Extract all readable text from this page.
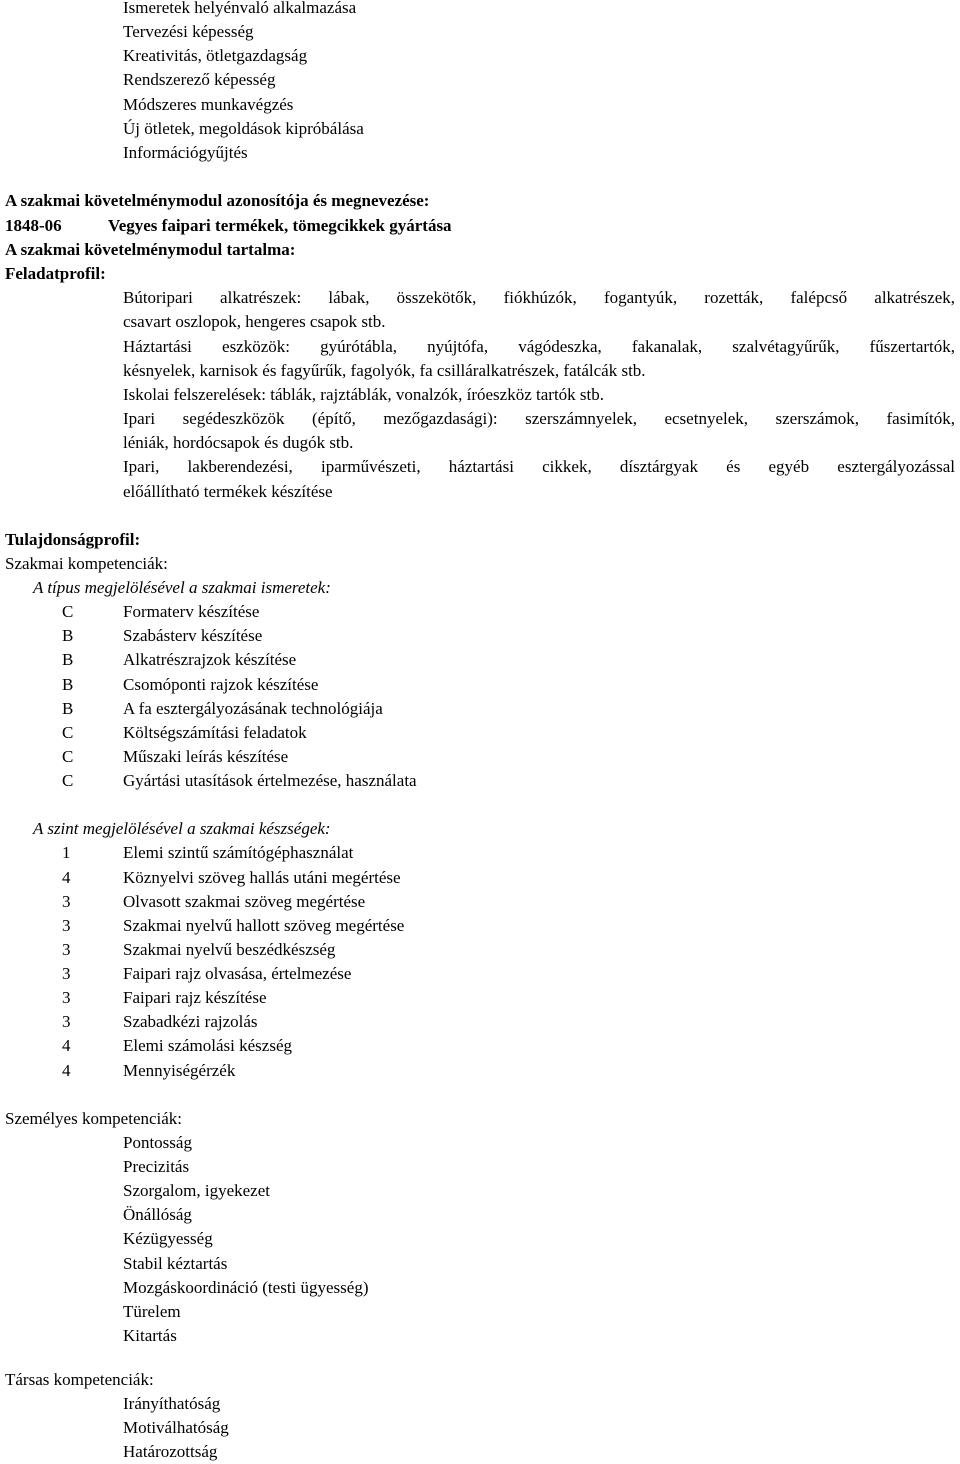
Ismeretek helyénvaló alkalmazása
Tervezési képesség
Kreativitás, ötletgazdagság
Rendszerező képesség
Módszeres munkavégzés
Új ötletek, megoldások kipróbálása
Információgyűjtés
A szakmai követelménymodul azonosítója és megnevezése:
1848-06	Vegyes faipari termékek, tömegcikkek gyártása
A szakmai követelménymodul tartalma:
Feladatprofil:
Bútoripari alkatrészek: lábak, összekötők, fiókhúzók, fogantyúk, rozetták, falépcső alkatrészek,
csavart oszlopok, hengeres csapok stb.
Háztartási eszközök: gyúrótábla, nyújtófa, vágódeszka, fakanalak, szalvétagyűrűk, fűszertartók,
késnyelek, karnisok és fagyűrűk, fagolyók, fa csilláralkatrészek, fatálcák stb.
Iskolai felszerelések: táblák, rajztáblák, vonalzók, íróeszköz tartók stb.
Ipari segédeszközök (építő, mezőgazdasági): szerszámnyelek, ecsetnyelek, szerszámok, fasimítók,
léniák, hordócsapok és dugók stb.
Ipari, lakberendezési, iparművészeti, háztartási cikkek, dísztárgyak és egyéb esztergályozással
előállítható termékek készítése
Tulajdonságprofil:
Szakmai kompetenciák:
A típus megjelölésével a szakmai ismeretek:
C	Formaterv készítése
B	Szabásterv készítése
B	Alkatrészrajzok készítése
B	Csomóponti rajzok készítése
B	A fa esztergályozásának technológiája
C	Költségszámítási feladatok
C	Műszaki leírás készítése
C	Gyártási utasítások értelmezése, használata
A szint megjelölésével a szakmai készségek:
1	Elemi szintű számítógéphasználat
4	Köznyelvi szöveg hallás utáni megértése
3	Olvasott szakmai szöveg megértése
3	Szakmai nyelvű hallott szöveg megértése
3	Szakmai nyelvű beszédkészség
3	Faipari rajz olvasása, értelmezése
3	Faipari rajz készítése
3	Szabadkézi rajzolás
4	Elemi számolási készség
4	Mennyiségérzék
Személyes kompetenciák:
Pontosság
Precizitás
Szorgalom, igyekezet
Önállóság
Kézügyesség
Stabil kéztartás
Mozgáskoordináció (testi ügyesség)
Türelem
Kitartás
Társas kompetenciák:
Irányíthatóság
Motiválhatóság
Határozottság
